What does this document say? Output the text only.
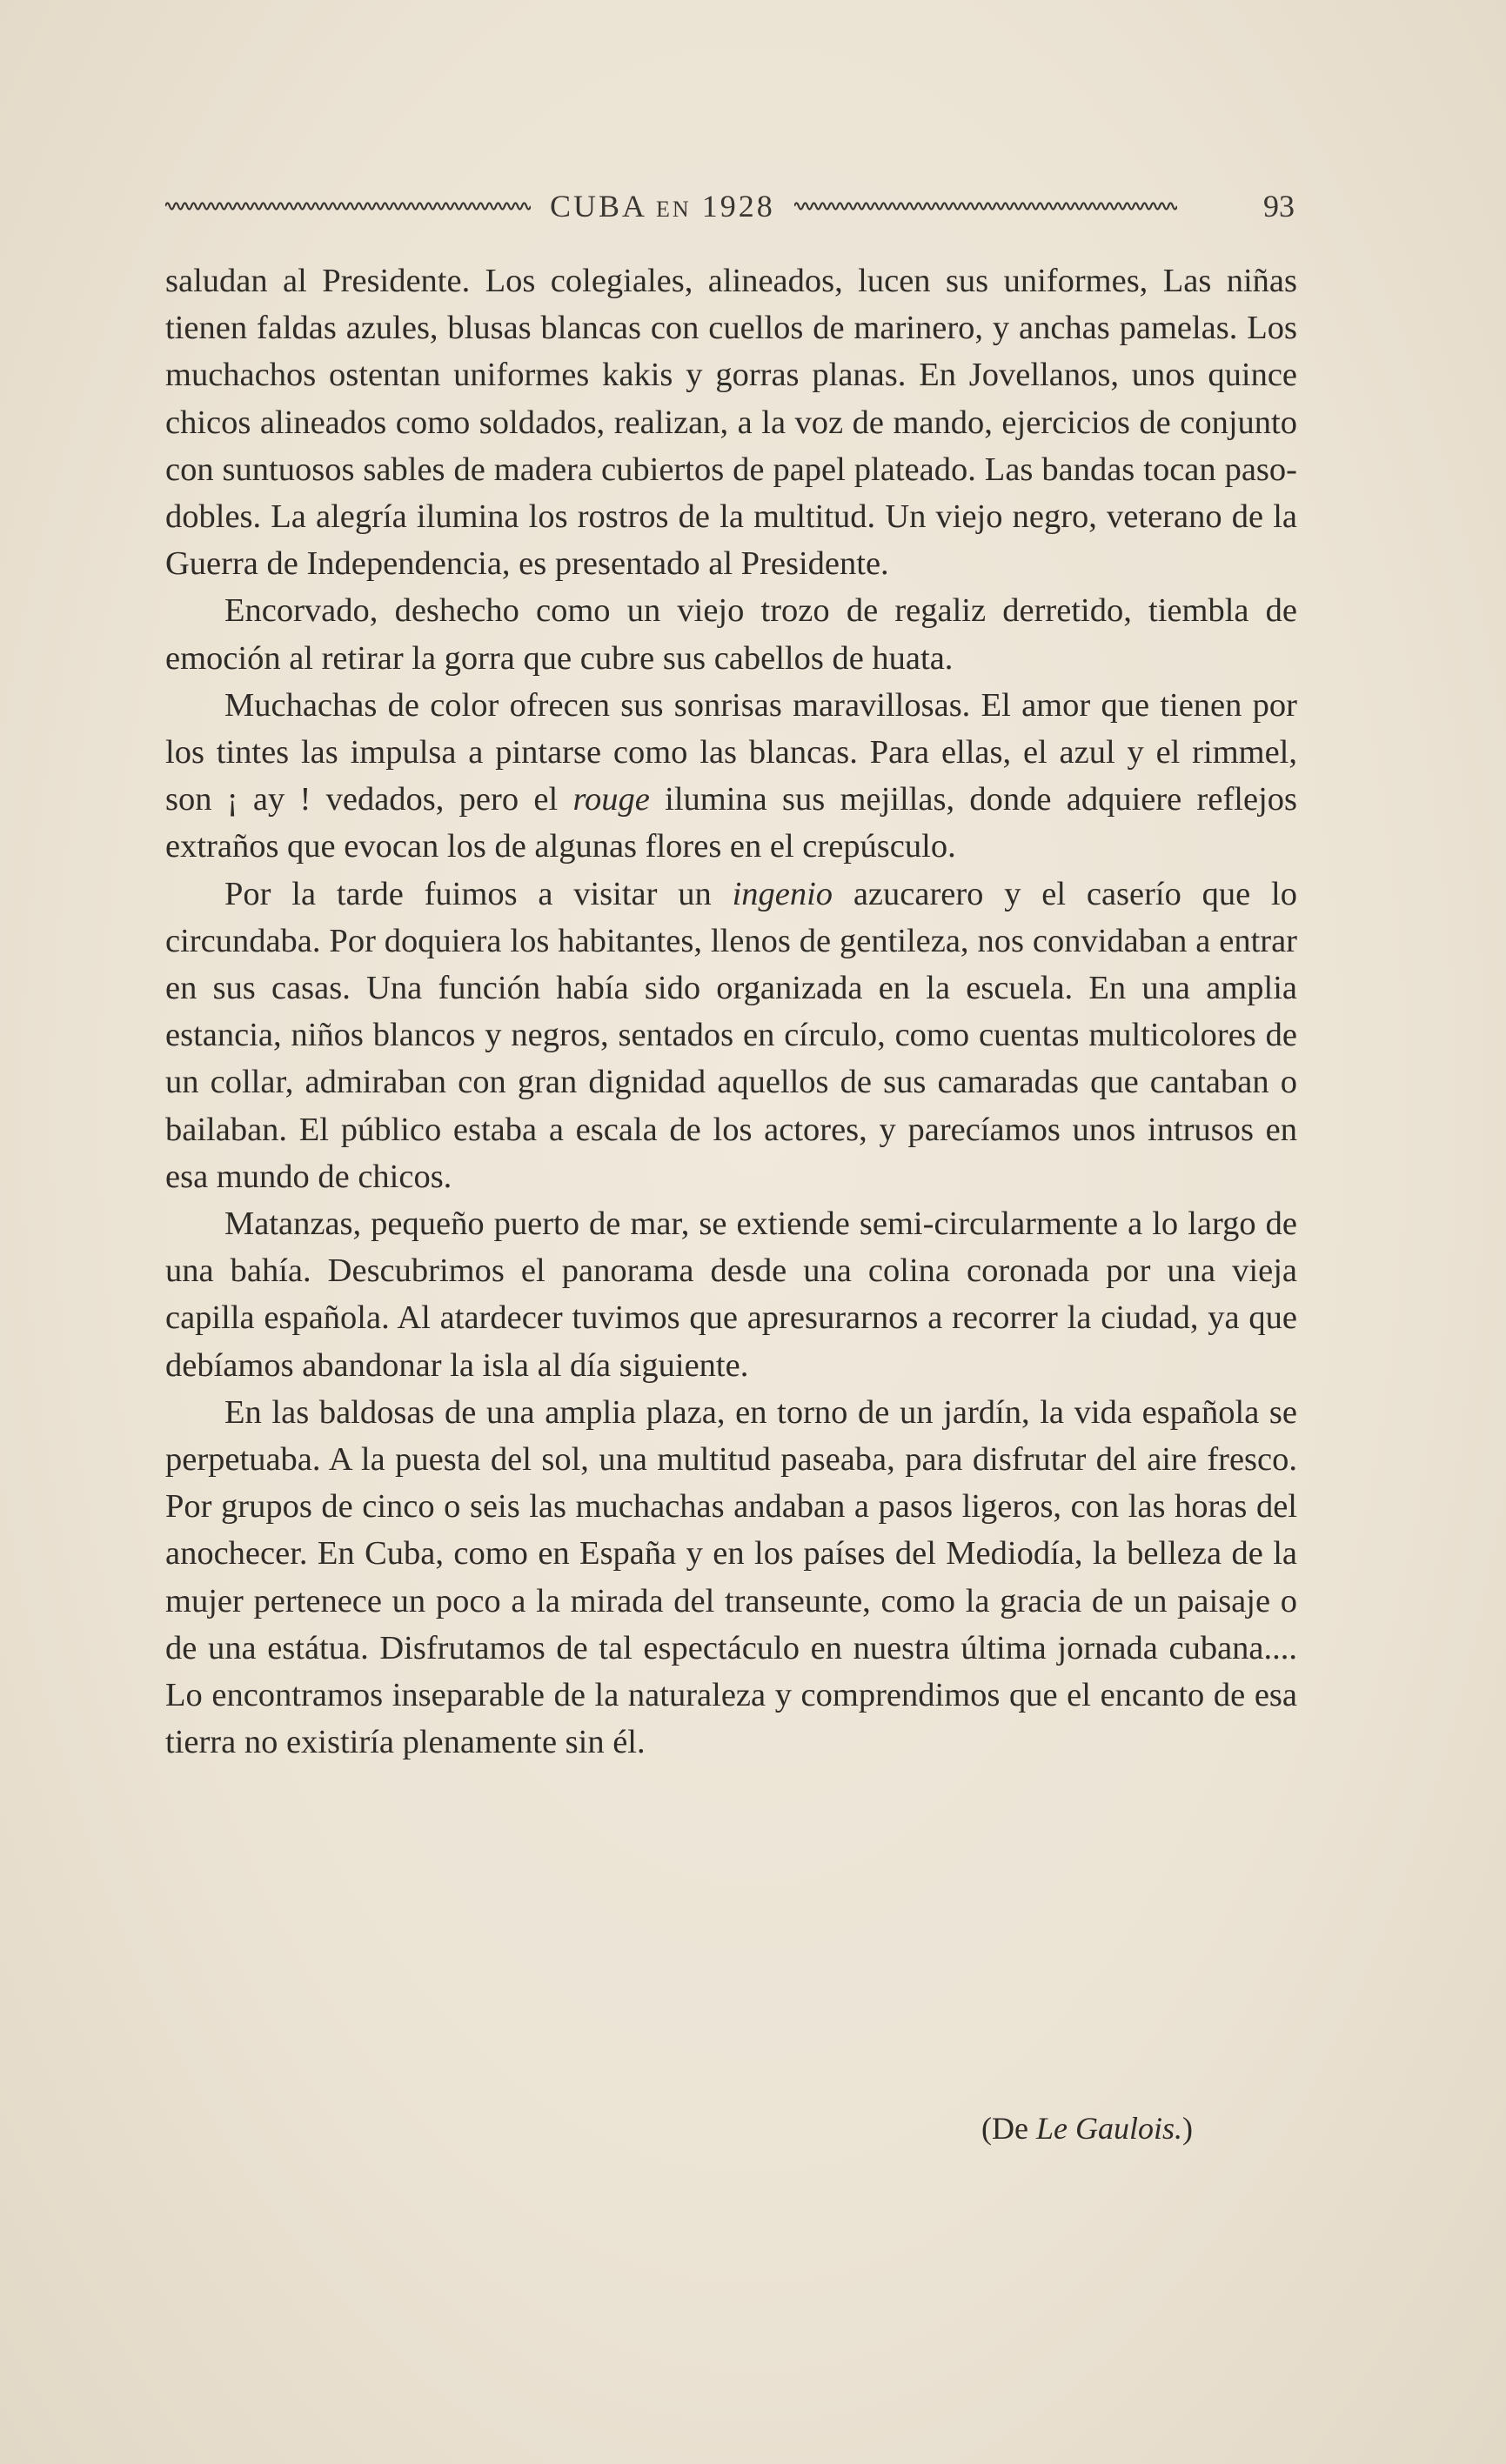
CUBA EN 1928	93

saludan al Presidente. Los colegiales, alineados, lucen sus uniformes, Las niñas tienen faldas azules, blusas blancas con cuellos de marinero, y anchas pamelas. Los muchachos ostentan uniformes kakis y gorras planas. En Jovellanos, unos quince chicos alineados como soldados, realizan, a la voz de mando, ejercicios de conjunto con suntuosos sables de madera cubiertos de papel plateado. Las bandas tocan paso-dobles. La alegría ilumina los rostros de la multitud. Un viejo negro, veterano de la Guerra de Independencia, es presentado al Presidente.

Encorvado, deshecho como un viejo trozo de regaliz derretido, tiembla de emoción al retirar la gorra que cubre sus cabellos de huata.

Muchachas de color ofrecen sus sonrisas maravillosas. El amor que tienen por los tintes las impulsa a pintarse como las blancas. Para ellas, el azul y el rimmel, son ¡ ay ! vedados, pero el rouge ilumina sus mejillas, donde adquiere reflejos extraños que evocan los de algunas flores en el crepúsculo.

Por la tarde fuimos a visitar un ingenio azucarero y el caserío que lo circundaba. Por doquiera los habitantes, llenos de gentileza, nos convidaban a entrar en sus casas. Una función había sido organizada en la escuela. En una amplia estancia, niños blancos y negros, sentados en círculo, como cuentas multicolores de un collar, admiraban con gran dignidad aquellos de sus camaradas que cantaban o bailaban. El público estaba a escala de los actores, y parecíamos unos intrusos en esa mundo de chicos.

Matanzas, pequeño puerto de mar, se extiende semi-circularmente a lo largo de una bahía. Descubrimos el panorama desde una colina coronada por una vieja capilla española. Al atardecer tuvimos que apresurarnos a recorrer la ciudad, ya que debíamos abandonar la isla al día siguiente.

En las baldosas de una amplia plaza, en torno de un jardín, la vida española se perpetuaba. A la puesta del sol, una multitud paseaba, para disfrutar del aire fresco. Por grupos de cinco o seis las muchachas andaban a pasos ligeros, con las horas del anochecer. En Cuba, como en España y en los países del Mediodía, la belleza de la mujer pertenece un poco a la mirada del transeunte, como la gracia de un paisaje o de una estátua. Disfrutamos de tal espectáculo en nuestra última jornada cubana.... Lo encontramos inseparable de la naturaleza y comprendimos que el encanto de esa tierra no existiría plenamente sin él.

(De Le Gaulois.)
